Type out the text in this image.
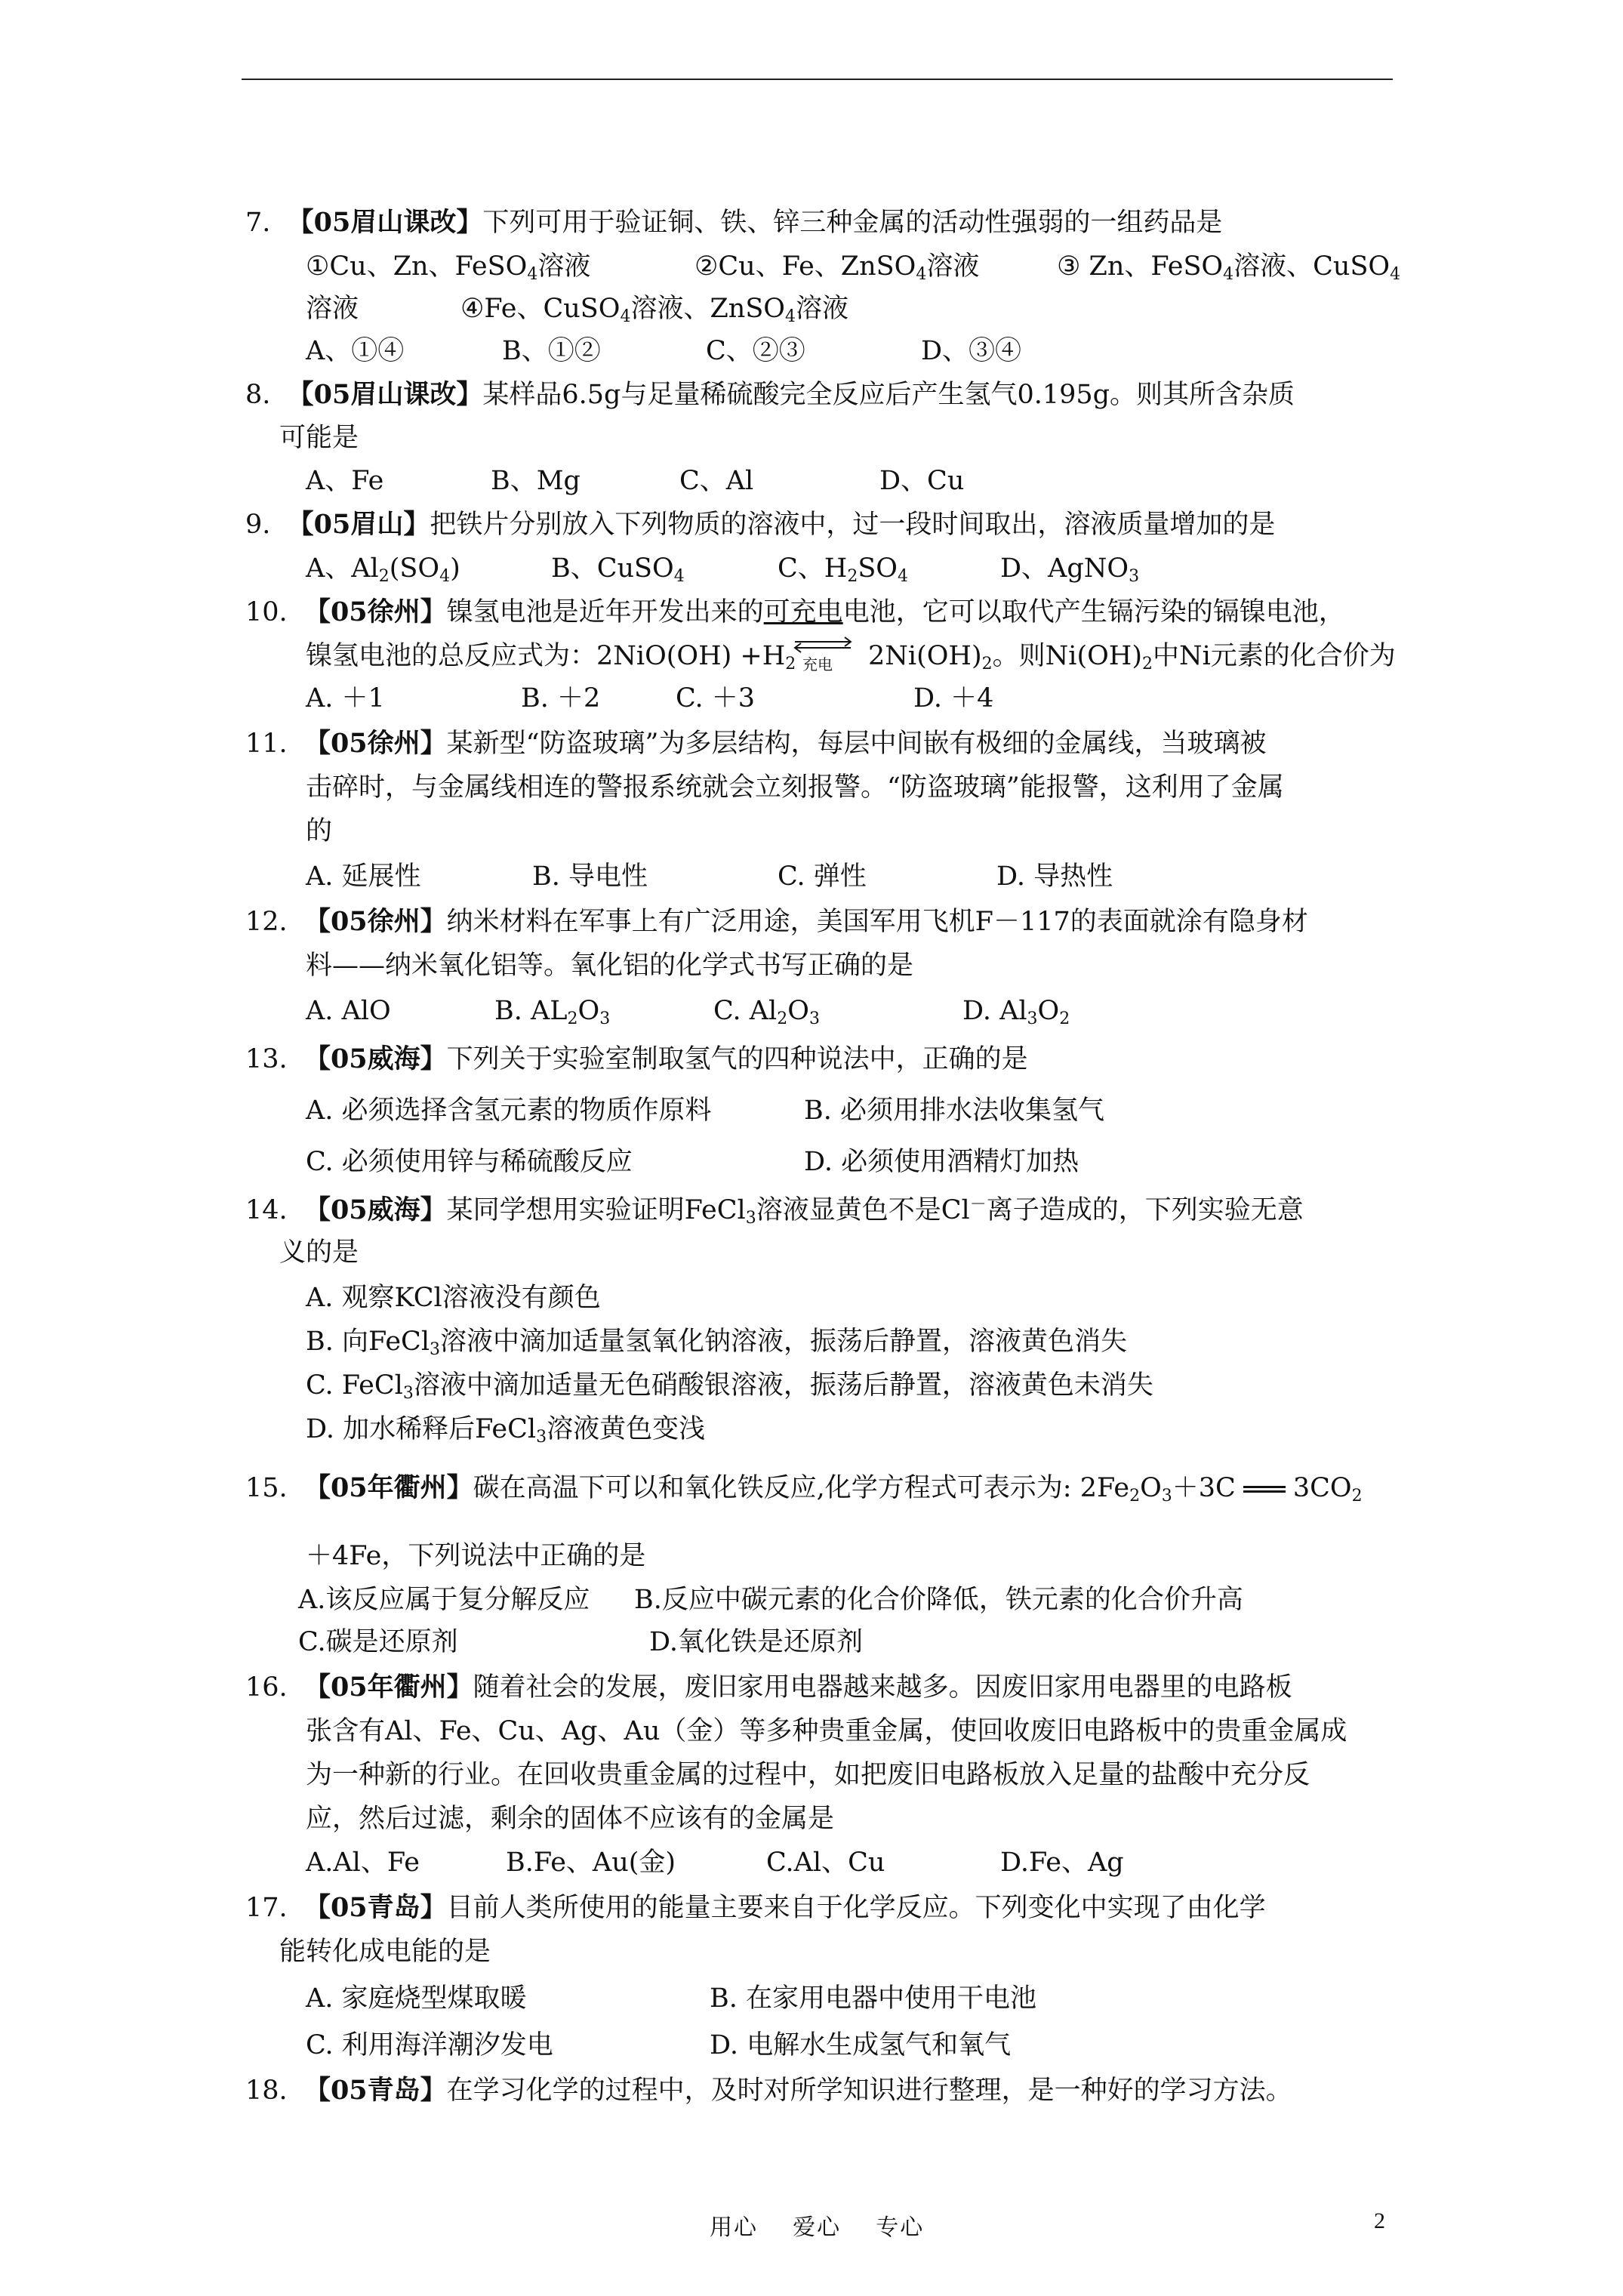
7. 【05眉山课改】下列可用于验证铜、铁、锌三种金属的活动性强弱的一组药品是
①Cu、Zn、FeSO$_4$溶液	②Cu、Fe、ZnSO$_4$溶液	③ Zn、FeSO$_4$溶液、CuSO$_4$
溶液	④Fe、CuSO$_4$溶液、ZnSO$_4$溶液
A、①④	B、①②	C、②③	D、③④
8. 【05眉山课改】某样品6.5g与足量稀硫酸完全反应后产生氢气0.195g。则其所含杂质
可能是
A、Fe	B、Mg	C、Al	D、Cu
9. 【05眉山】把铁片分别放入下列物质的溶液中，过一段时间取出，溶液质量增加的是
A、$Al_2(SO_4)$	B、CuSO$_4$	C、$H_2SO_4$	D、AgNO$_3$
10. 【05徐州】镍氢电池是近年开发出来的可充电电池，它可以取代产生镉污染的镉镍电池，
镍氢电池的总反应式为：$2NiO(OH) +H_2$ 充电 $2Ni(OH)_2$。则$Ni(OH)_2$中Ni元素的化合价为
A. ＋1	B. ＋2	C. ＋3	D. ＋4
11. 【05徐州】某新型“防盗玻璃”为多层结构，每层中间嵌有极细的金属线，当玻璃被
击碎时，与金属线相连的警报系统就会立刻报警。“防盗玻璃”能报警，这利用了金属
的
A. 延展性	B. 导电性	C. 弹性	D. 导热性
12. 【05徐州】纳米材料在军事上有广泛用途，美国军用飞机F－117的表面就涂有隐身材
料——纳米氧化铝等。氧化铝的化学式书写正确的是
A. AlO	B. $AL_2O_3$	C. $Al_2O_3$	D. $Al_3O_2$
13. 【05威海】下列关于实验室制取氢气的四种说法中，正确的是
A. 必须选择含氢元素的物质作原料	B. 必须用排水法收集氢气
C. 必须使用锌与稀硫酸反应	D. 必须使用酒精灯加热
14. 【05威海】某同学想用实验证明FeCl$_3$溶液显黄色不是Cl－离子造成的，下列实验无意
义的是
A. 观察KCl溶液没有颜色
B. 向FeCl$_3$溶液中滴加适量氢氧化钠溶液，振荡后静置，溶液黄色消失
C. FeCl$_3$溶液中滴加适量无色硝酸银溶液，振荡后静置，溶液黄色未消失
D. 加水稀释后FeCl$_3$溶液黄色变浅
15. 【05年衢州】碳在高温下可以和氧化铁反应,化学方程式可表示为: $2Fe_2O_3+3C$ $3CO_2$
＋4Fe，下列说法中正确的是
A.该反应属于复分解反应 B.反应中碳元素的化合价降低，铁元素的化合价升高
C.碳是还原剂	D.氧化铁是还原剂
16. 【05年衢州】随着社会的发展，废旧家用电器越来越多。因废旧家用电器里的电路板
张含有Al、Fe、Cu、Ag、Au（金）等多种贵重金属，使回收废旧电路板中的贵重金属成
为一种新的行业。在回收贵重金属的过程中，如把废旧电路板放入足量的盐酸中充分反
应，然后过滤，剩余的固体不应该有的金属是
A.Al、Fe	B.Fe、Au(金)	C.Al、Cu	D.Fe、Ag
17. 【05青岛】目前人类所使用的能量主要来自于化学反应。下列变化中实现了由化学
能转化成电能的是
A. 家庭烧型煤取暖	B. 在家用电器中使用干电池
C. 利用海洋潮汐发电	D. 电解水生成氢气和氧气
18. 【05青岛】在学习化学的过程中，及时对所学知识进行整理，是一种好的学习方法。
用心    爱心    专心	2
